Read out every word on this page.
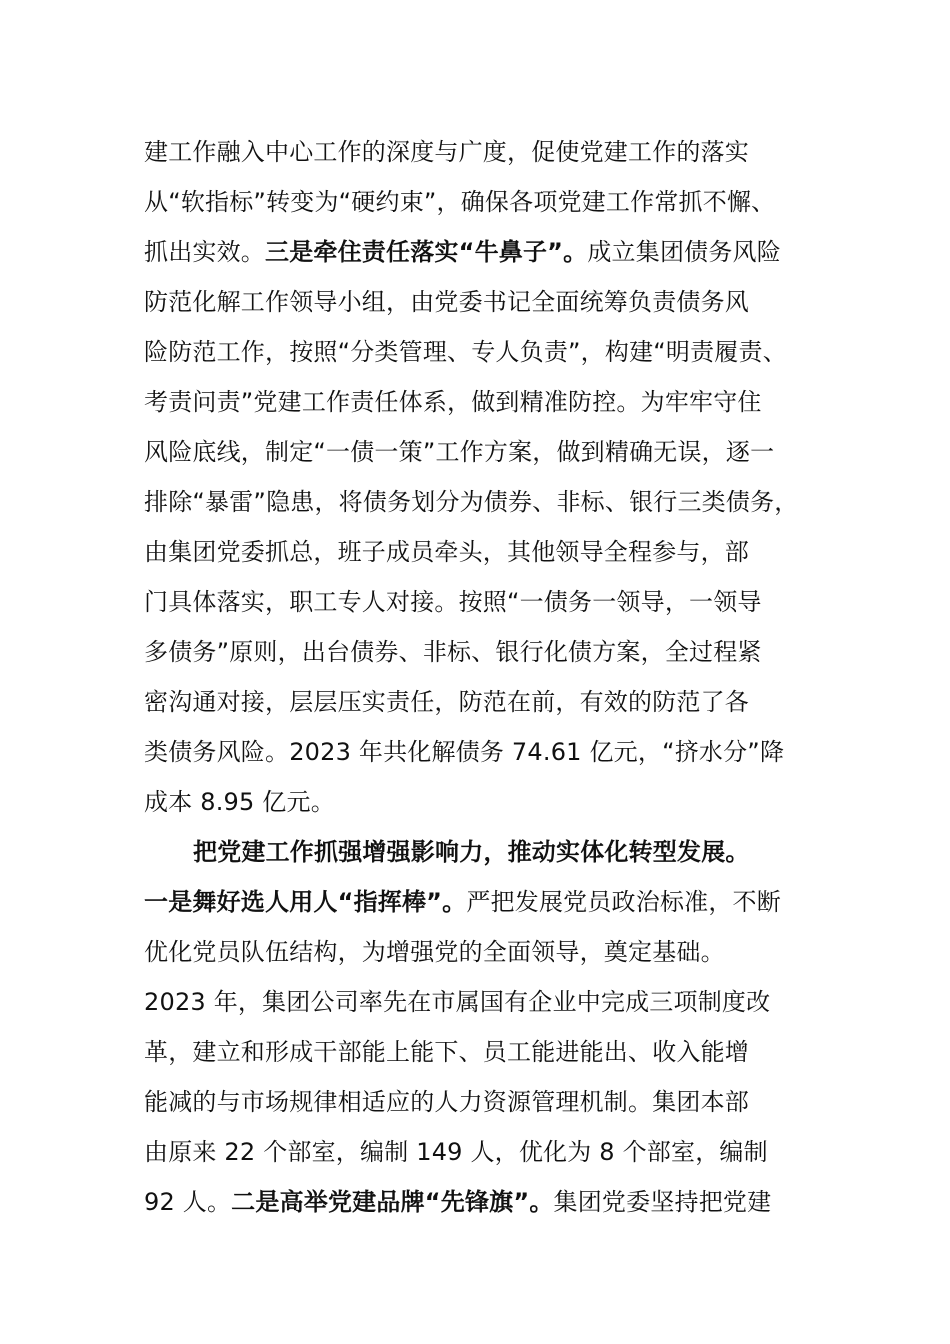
建工作融入中心工作的深度与广度，促使党建工作的落实
从“软指标”转变为“硬约束”，确保各项党建工作常抓不懈、
抓出实效。三是牵住责任落实“牛鼻子”。成立集团债务风险
防范化解工作领导小组，由党委书记全面统筹负责债务风
险防范工作，按照“分类管理、专人负责”，构建“明责履责、
考责问责”党建工作责任体系，做到精准防控。为牢牢守住
风险底线，制定“一债一策”工作方案，做到精确无误，逐一
排除“暴雷”隐患，将债务划分为债券、非标、银行三类债务，
由集团党委抓总，班子成员牵头，其他领导全程参与，部
门具体落实，职工专人对接。按照“一债务一领导，一领导
多债务”原则，出台债券、非标、银行化债方案，全过程紧
密沟通对接，层层压实责任，防范在前，有效的防范了各
类债务风险。2023 年共化解债务 74.61 亿元，“挤水分”降
成本 8.95 亿元。
把党建工作抓强增强影响力，推动实体化转型发展。
一是舞好选人用人“指挥棒”。严把发展党员政治标准，不断
优化党员队伍结构，为增强党的全面领导，奠定基础。
2023 年，集团公司率先在市属国有企业中完成三项制度改
革，建立和形成干部能上能下、员工能进能出、收入能增
能减的与市场规律相适应的人力资源管理机制。集团本部
由原来 22 个部室，编制 149 人，优化为 8 个部室，编制
92 人。二是高举党建品牌“先锋旗”。集团党委坚持把党建
